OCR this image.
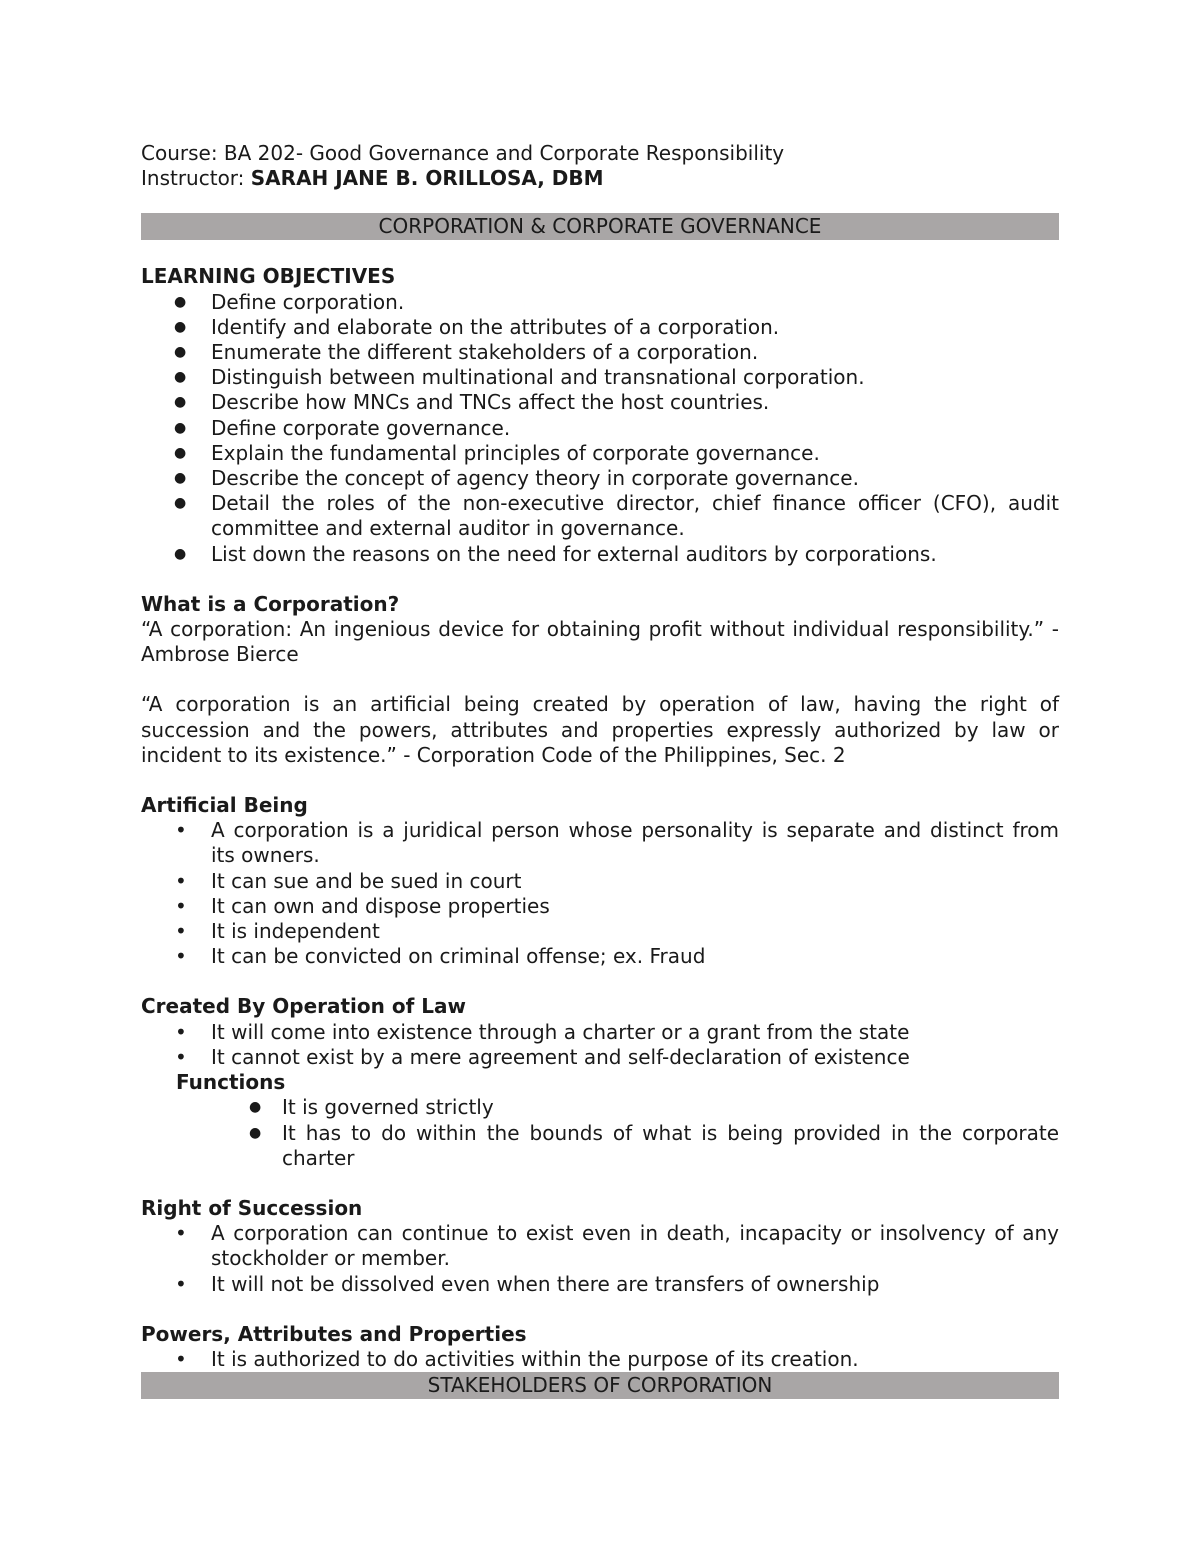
Course: BA 202- Good Governance and Corporate Responsibility

Instructor: SARAH JANE B. ORILLOSA, DBM

CORPORATION & CORPORATE GOVERNANCE

LEARNING OBJECTIVES

● Define corporation.
● Identify and elaborate on the attributes of a corporation.
● Enumerate the different stakeholders of a corporation.
● Distinguish between multinational and transnational corporation.
● Describe how MNCs and TNCs affect the host countries.
● Define corporate governance.
● Explain the fundamental principles of corporate governance.
● Describe the concept of agency theory in corporate governance.
● Detail the roles of the non-executive director, chief finance officer (CFO), audit committee and external auditor in governance.
● List down the reasons on the need for external auditors by corporations.

What is a Corporation?

“A corporation: An ingenious device for obtaining profit without individual responsibility.” - Ambrose Bierce

“A corporation is an artificial being created by operation of law, having the right of succession and the powers, attributes and properties expressly authorized by law or incident to its existence.” - Corporation Code of the Philippines, Sec. 2

Artificial Being

• A corporation is a juridical person whose personality is separate and distinct from its owners.
• It can sue and be sued in court
• It can own and dispose properties
• It is independent
• It can be convicted on criminal offense; ex. Fraud

Created By Operation of Law

• It will come into existence through a charter or a grant from the state
• It cannot exist by a mere agreement and self-declaration of existence

Functions

● It is governed strictly
● It has to do within the bounds of what is being provided in the corporate charter

Right of Succession

• A corporation can continue to exist even in death, incapacity or insolvency of any stockholder or member.
• It will not be dissolved even when there are transfers of ownership

Powers, Attributes and Properties

• It is authorized to do activities within the purpose of its creation.

STAKEHOLDERS OF CORPORATION
